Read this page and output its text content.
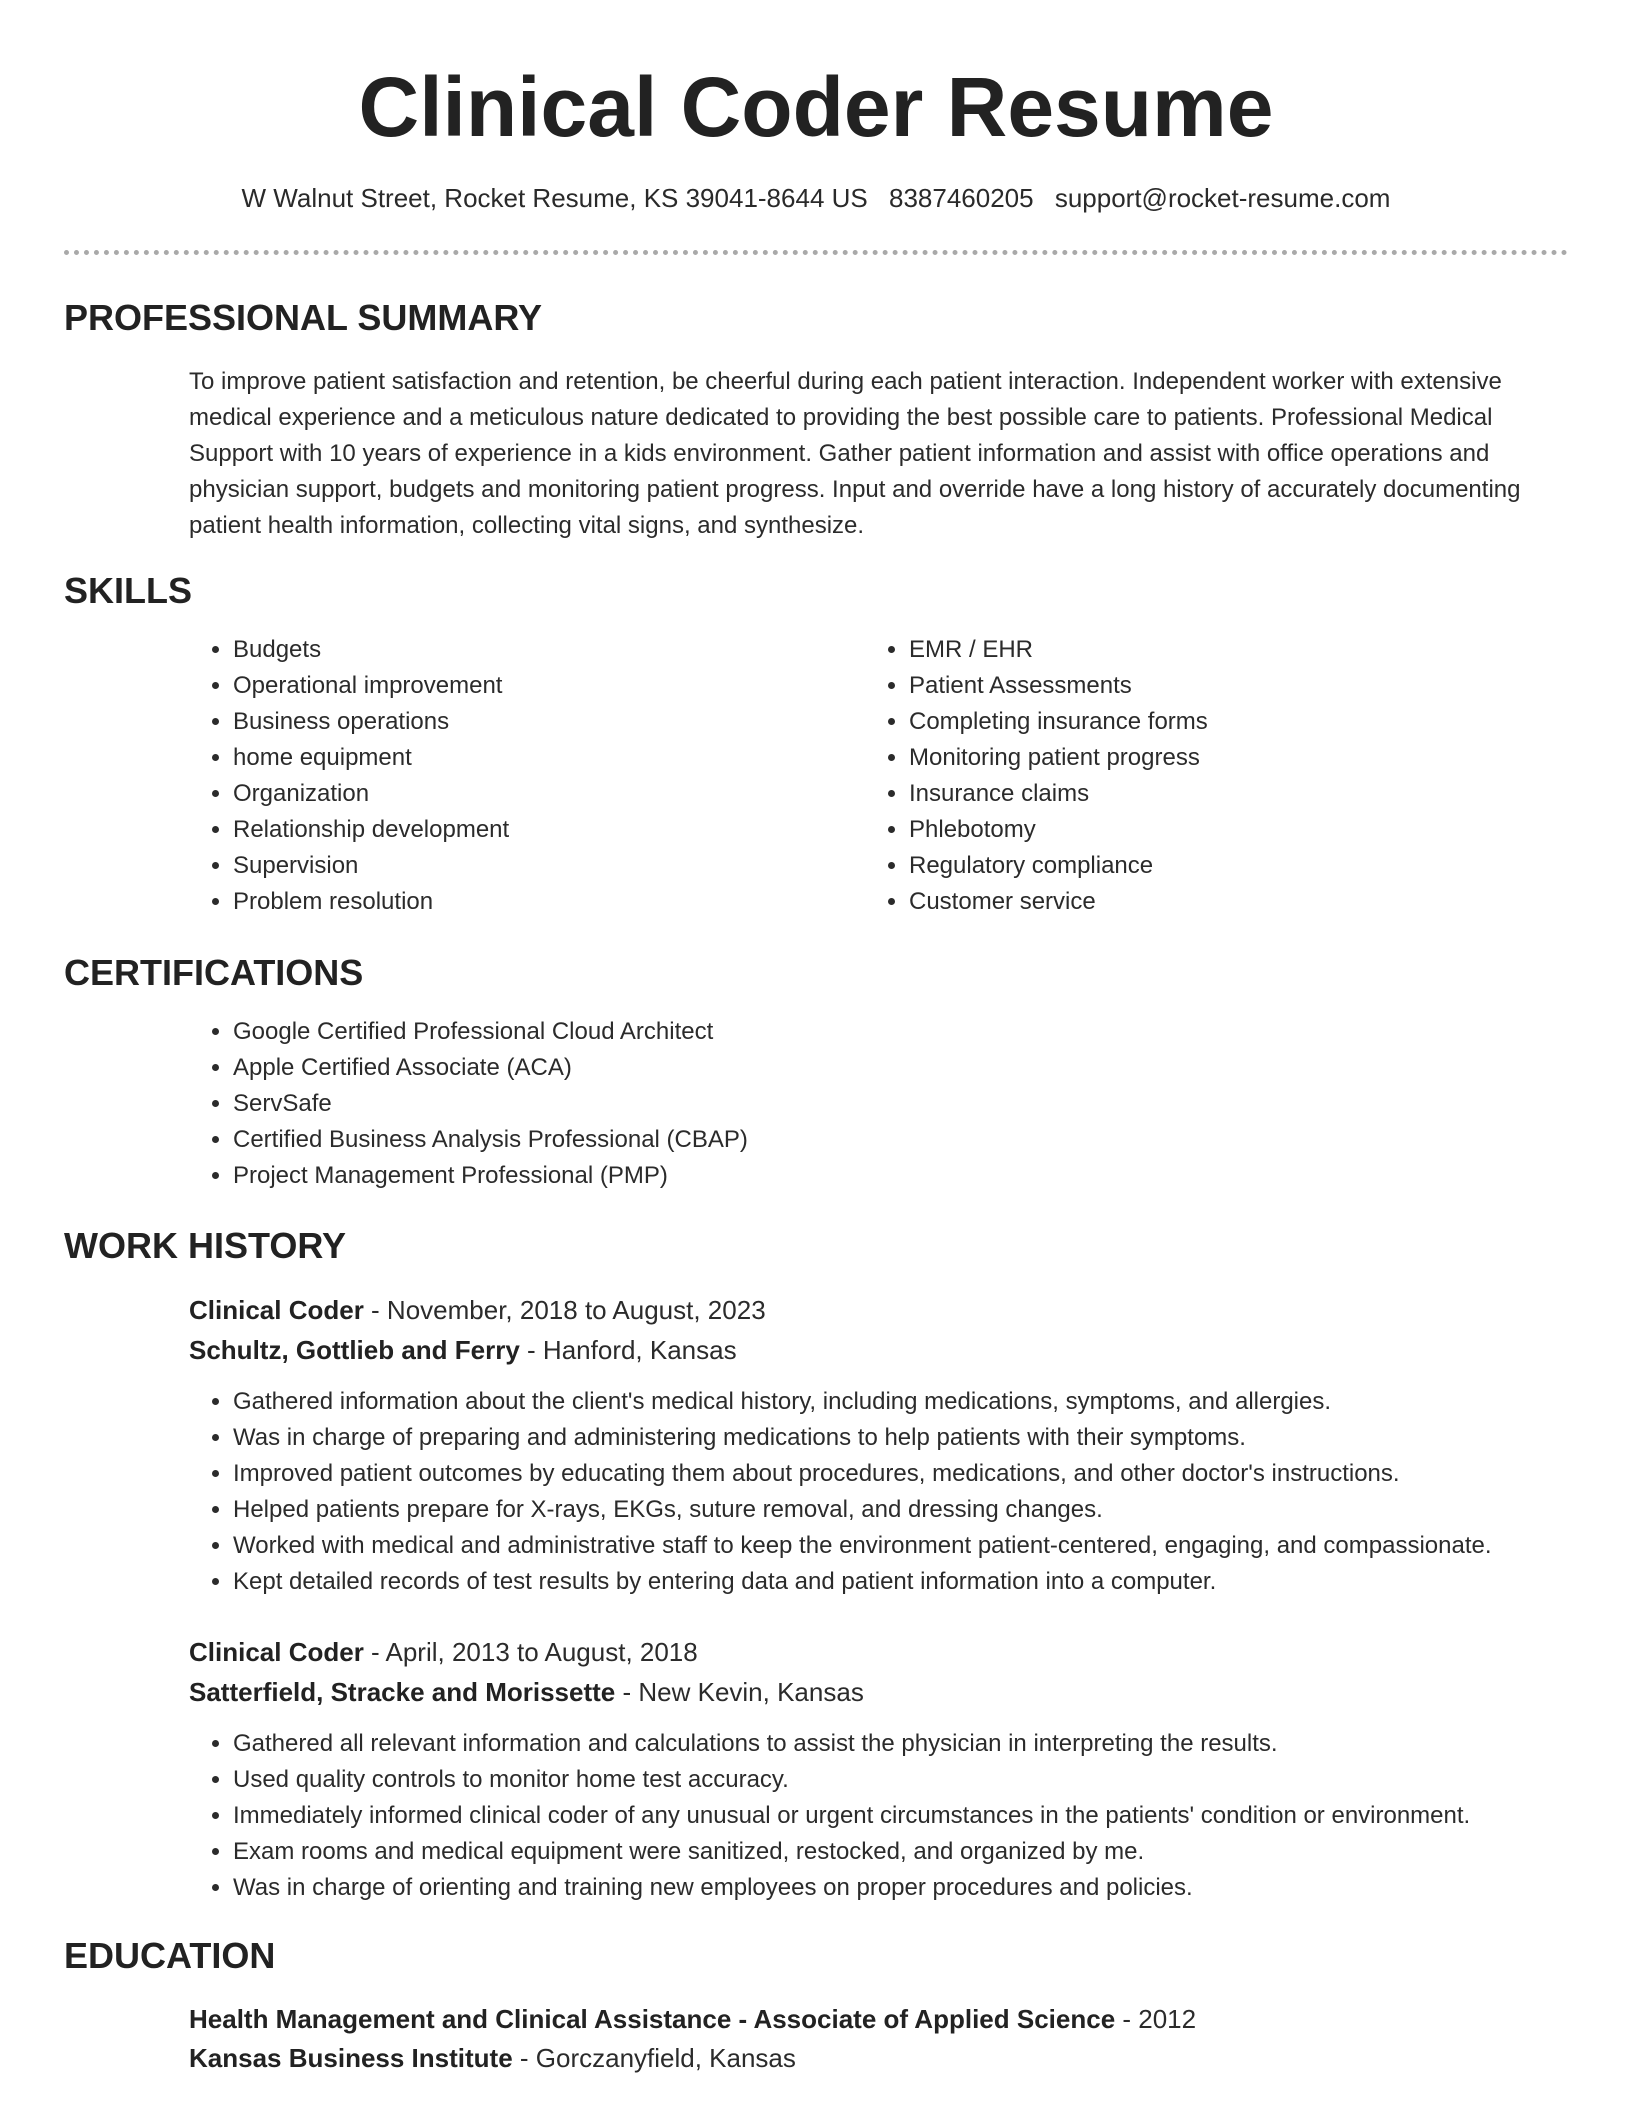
Clinical Coder Resume
W Walnut Street, Rocket Resume, KS 39041-8644 US 8387460205 support@rocket-resume.com
PROFESSIONAL SUMMARY

To improve patient satisfaction and retention, be cheerful during each patient interaction. Independent worker with extensive medical experience and a meticulous nature dedicated to providing the best possible care to patients. Professional Medical Support with 10 years of experience in a kids environment. Gather patient information and assist with office operations and physician support, budgets and monitoring patient progress. Input and override have a long history of accurately documenting patient health information, collecting vital signs, and synthesize.

SKILLS
• Budgets
• Operational improvement
• Business operations
• home equipment
• Organization
• Relationship development
• Supervision
• Problem resolution
• EMR / EHR
• Patient Assessments
• Completing insurance forms
• Monitoring patient progress
• Insurance claims
• Phlebotomy
• Regulatory compliance
• Customer service
CERTIFICATIONS
• Google Certified Professional Cloud Architect
• Apple Certified Associate (ACA)
• ServSafe
• Certified Business Analysis Professional (CBAP)
• Project Management Professional (PMP)
WORK HISTORY
Clinical Coder - November, 2018 to August, 2023
Schultz, Gottlieb and Ferry - Hanford, Kansas
• Gathered information about the client's medical history, including medications, symptoms, and allergies.
• Was in charge of preparing and administering medications to help patients with their symptoms.
• Improved patient outcomes by educating them about procedures, medications, and other doctor's instructions.
• Helped patients prepare for X-rays, EKGs, suture removal, and dressing changes.
• Worked with medical and administrative staff to keep the environment patient-centered, engaging, and compassionate.
• Kept detailed records of test results by entering data and patient information into a computer.
Clinical Coder - April, 2013 to August, 2018
Satterfield, Stracke and Morissette - New Kevin, Kansas
• Gathered all relevant information and calculations to assist the physician in interpreting the results.
• Used quality controls to monitor home test accuracy.
• Immediately informed clinical coder of any unusual or urgent circumstances in the patients' condition or environment.
• Exam rooms and medical equipment were sanitized, restocked, and organized by me.
• Was in charge of orienting and training new employees on proper procedures and policies.
EDUCATION
Health Management and Clinical Assistance - Associate of Applied Science - 2012
Kansas Business Institute - Gorczanyfield, Kansas
